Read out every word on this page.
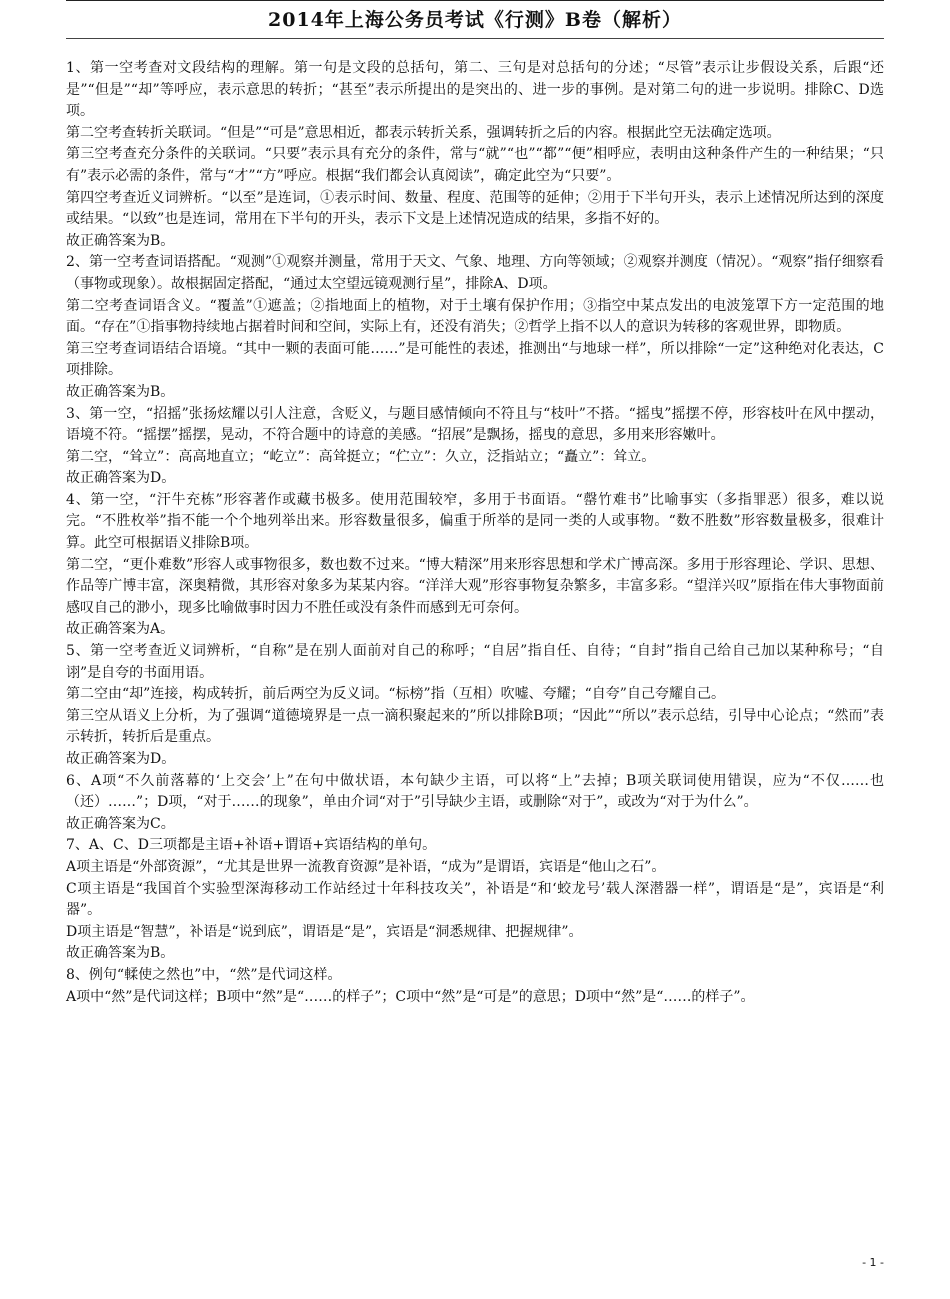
2014年上海公务员考试《行测》B卷（解析）

1、第一空考查对文段结构的理解。第一句是文段的总括句，第二、三句是对总括句的分述；“尽管”表示让步假设关系，后跟“还是”“但是”“却”等呼应，表示意思的转折；“甚至”表示所提出的是突出的、进一步的事例。是对第二句的进一步说明。排除C、D选项。

第二空考查转折关联词。“但是”“可是”意思相近，都表示转折关系，强调转折之后的内容。根据此空无法确定选项。

第三空考查充分条件的关联词。“只要”表示具有充分的条件，常与“就”“也”“都”“便”相呼应，表明由这种条件产生的一种结果；“只有”表示必需的条件，常与“才”“方”呼应。根据“我们都会认真阅读”，确定此空为“只要”。

第四空考查近义词辨析。“以至”是连词，①表示时间、数量、程度、范围等的延伸；②用于下半句开头，表示上述情况所达到的深度或结果。“以致”也是连词，常用在下半句的开头，表示下文是上述情况造成的结果，多指不好的。

故正确答案为B。

2、第一空考查词语搭配。“观测”①观察并测量，常用于天文、气象、地理、方向等领域；②观察并测度（情况）。“观察”指仔细察看（事物或现象）。故根据固定搭配，“通过太空望远镜观测行星”，排除A、D项。

第二空考查词语含义。“覆盖”①遮盖；②指地面上的植物，对于土壤有保护作用；③指空中某点发出的电波笼罩下方一定范围的地面。“存在”①指事物持续地占据着时间和空间，实际上有，还没有消失；②哲学上指不以人的意识为转移的客观世界，即物质。

第三空考查词语结合语境。“其中一颗的表面可能‥‥‥”是可能性的表述，推测出“与地球一样”，所以排除“一定”这种绝对化表达，C项排除。

故正确答案为B。

3、第一空，“招摇”张扬炫耀以引人注意，含贬义，与题目感情倾向不符且与“枝叶”不搭。“摇曳”摇摆不停，形容枝叶在风中摆动，语境不符。“摇摆”摇摆，晃动，不符合题中的诗意的美感。“招展”是飘扬，摇曳的意思，多用来形容嫩叶。

第二空，“耸立”：高高地直立；“屹立”：高耸挺立；“伫立”：久立，泛指站立；“矗立”：耸立。

故正确答案为D。

4、第一空，“汗牛充栋”形容著作或藏书极多。使用范围较窄，多用于书面语。“罄竹难书”比喻事实（多指罪恶）很多，难以说完。“不胜枚举”指不能一个个地列举出来。形容数量很多，偏重于所举的是同一类的人或事物。“数不胜数”形容数量极多，很难计算。此空可根据语义排除B项。

第二空，“更仆难数”形容人或事物很多，数也数不过来。“博大精深”用来形容思想和学术广博高深。多用于形容理论、学识、思想、作品等广博丰富，深奥精微，其形容对象多为某某内容。“洋洋大观”形容事物复杂繁多，丰富多彩。“望洋兴叹”原指在伟大事物面前感叹自己的渺小，现多比喻做事时因力不胜任或没有条件而感到无可奈何。

故正确答案为A。

5、第一空考查近义词辨析，“自称”是在别人面前对自己的称呼；“自居”指自任、自待；“自封”指自己给自己加以某种称号；“自诩”是自夸的书面用语。

第二空由“却”连接，构成转折，前后两空为反义词。“标榜”指（互相）吹嘘、夸耀；“自夸”自己夸耀自己。

第三空从语义上分析，为了强调“道德境界是一点一滴积聚起来的”所以排除B项；“因此”“所以”表示总结，引导中心论点；“然而”表示转折，转折后是重点。

故正确答案为D。

6、A项“不久前落幕的‘上交会’上”在句中做状语，本句缺少主语，可以将“上”去掉；B项关联词使用错误，应为“不仅‥‥‥也（还）‥‥‥”；D项，“对于‥‥‥的现象”，单由介词“对于”引导缺少主语，或删除“对于”，或改为“对于为什么”。

故正确答案为C。

7、A、C、D三项都是主语+补语+谓语+宾语结构的单句。

A项主语是“外部资源”，“尤其是世界一流教育资源”是补语，“成为”是谓语，宾语是“他山之石”。

C项主语是“我国首个实验型深海移动工作站经过十年科技攻关”，补语是“和‘蛟龙号’载人深潜器一样”，谓语是“是”，宾语是“利器”。

D项主语是“智慧”，补语是“说到底”，谓语是“是”，宾语是“洞悉规律、把握规律”。

故正确答案为B。

8、例句“輮使之然也”中，“然”是代词这样。

A项中“然”是代词这样；B项中“然”是“‥‥‥的样子”；C项中“然”是“可是”的意思；D项中“然”是“‥‥‥的样子”。

- 1 -
